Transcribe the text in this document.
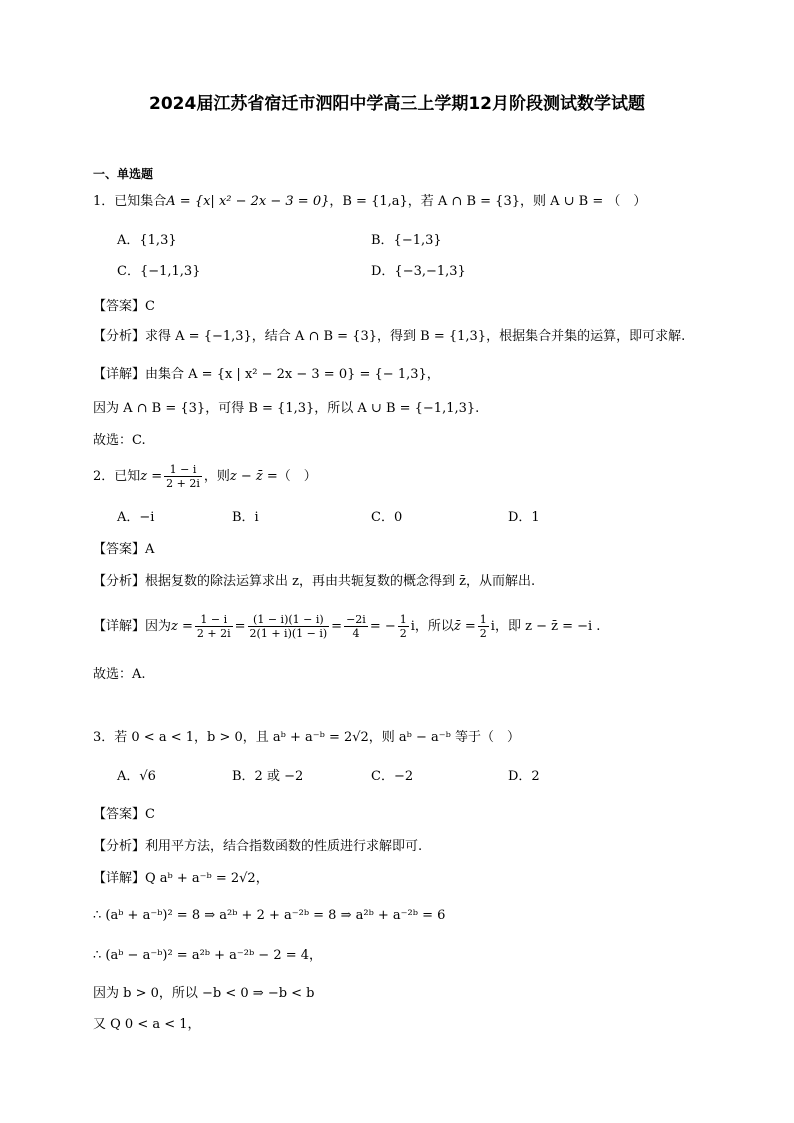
2024届江苏省宿迁市泗阳中学高三上学期12月阶段测试数学试题
一、单选题
1．已知集合A = {x| x² − 2x − 3 = 0}，B = {1,a}，若 A ∩ B = {3}，则 A ∪ B = （　）
A．{1,3}	B．{−1,3}
C．{−1,1,3}	D．{−3,−1,3}
【答案】C
【分析】求得 A = {−1,3}，结合 A ∩ B = {3}，得到 B = {1,3}，根据集合并集的运算，即可求解.
【详解】由集合 A = {x | x² − 2x − 3 = 0} = {− 1,3}，
因为 A ∩ B = {3}，可得 B = {1,3}，所以 A ∪ B = {−1,1,3}.
故选：C.
2．已知$z = \frac{1 - i}{2 + 2i}$ ，则z − z̄ =（　）
A．−i	B．i	C．0	D．1
【答案】A
【分析】根据复数的除法运算求出 z，再由共轭复数的概念得到 z̄，从而解出.
【详解】因为$z = \frac{1 - i}{2 + 2i} = \frac{(1 - i)(1 - i)}{2(1 + i)(1 - i)} = \frac{-2i}{4}$ = − $\frac{1}{2}$ i，所以z̄ = $\frac{1}{2}$ i，即 z − z̄ = −i .
故选：A.
3．若 0 < a < 1，b > 0，且 aᵇ + a⁻ᵇ = 2√2，则 aᵇ − a⁻ᵇ 等于（　）
A．√6	B．2 或 −2	C．−2	D．2
【答案】C
【分析】利用平方法，结合指数函数的性质进行求解即可.
【详解】Q aᵇ + a⁻ᵇ = 2√2，
∴ (aᵇ + a⁻ᵇ)² = 8 ⇒ a²ᵇ + 2 + a⁻²ᵇ = 8 ⇒ a²ᵇ + a⁻²ᵇ = 6
∴ (aᵇ − a⁻ᵇ)² = a²ᵇ + a⁻²ᵇ − 2 = 4，
因为 b > 0，所以 −b < 0 ⇒ −b < b
又 Q 0 < a < 1，
